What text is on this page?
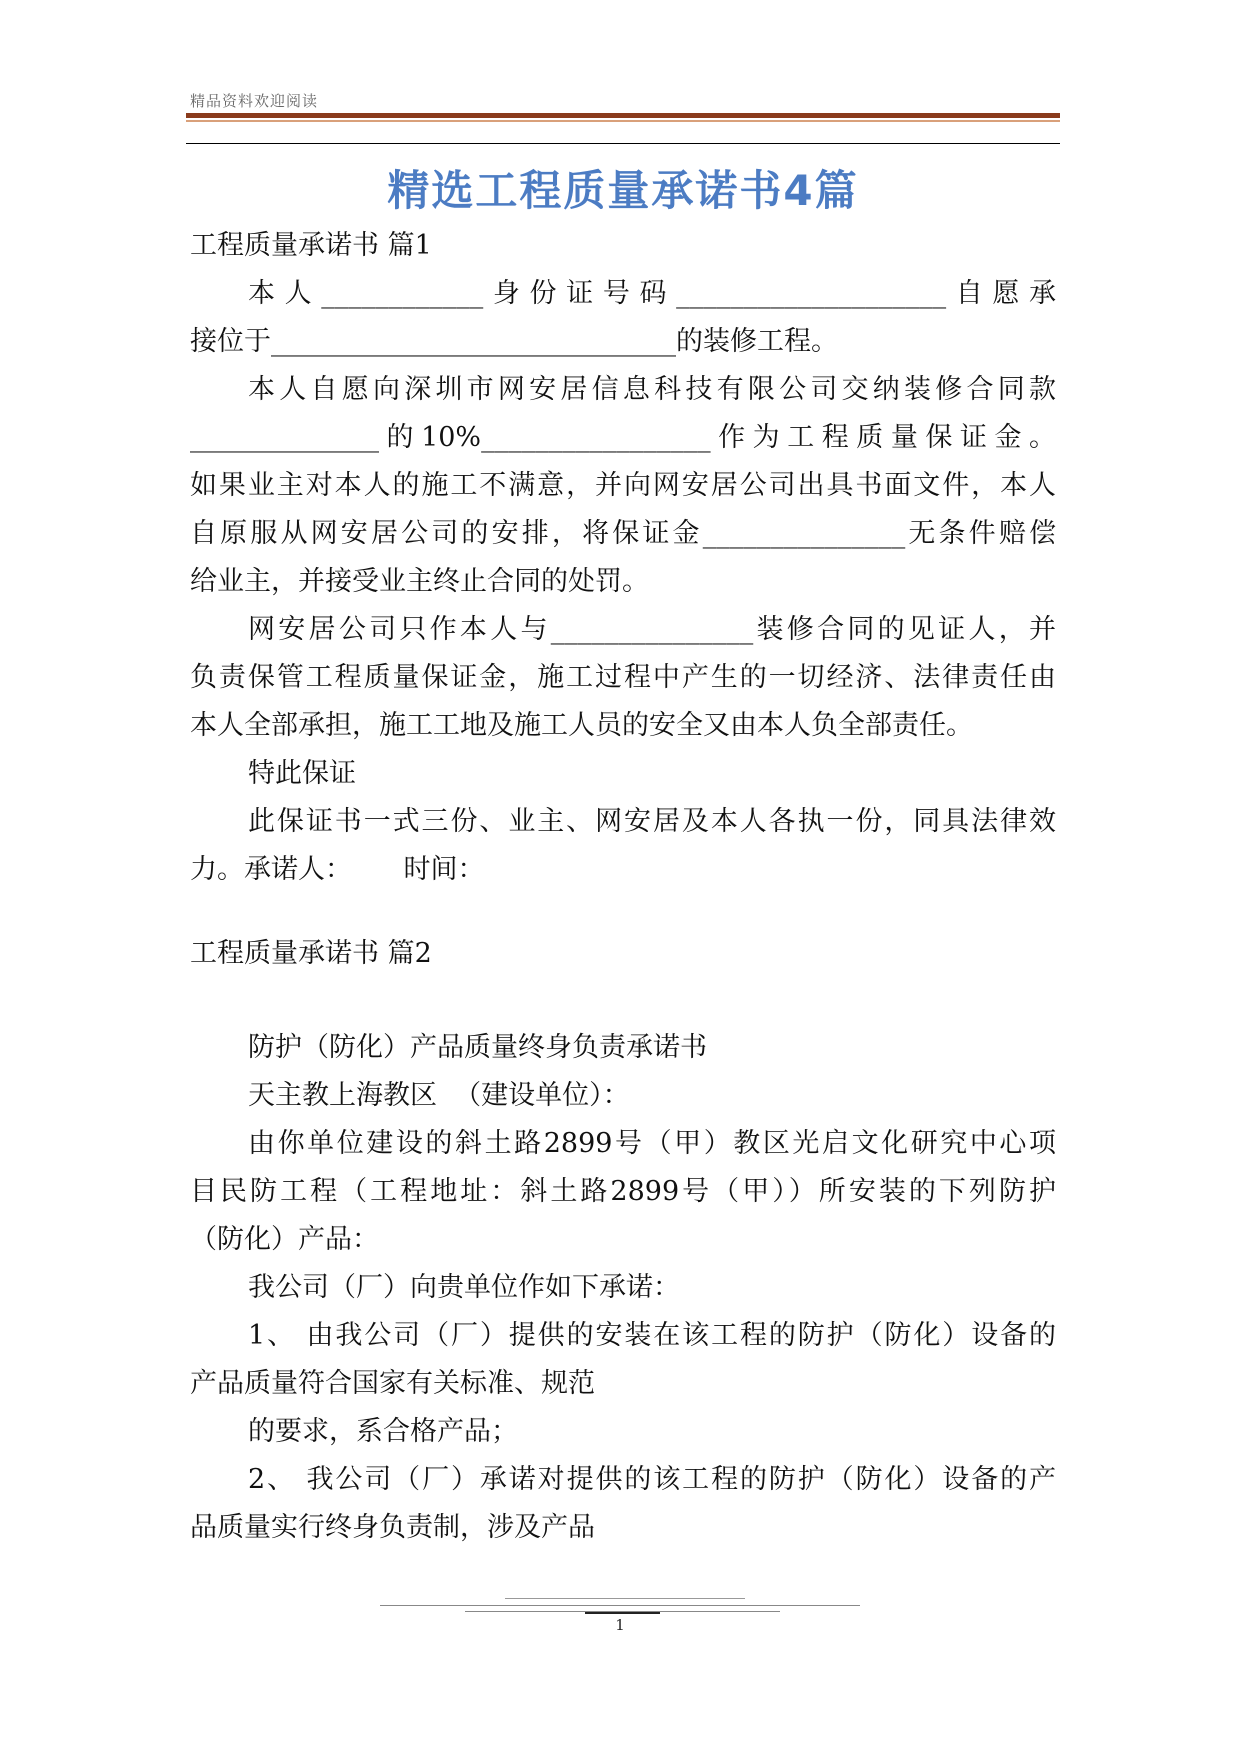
精品资料欢迎阅读
精选工程质量承诺书4篇
工程质量承诺书 篇1
本人____________身份证号码____________________自愿承
接位于______________________________的装修工程。
本人自愿向深圳市网安居信息科技有限公司交纳装修合同款
______________的10%_________________作为工程质量保证金。
如果业主对本人的施工不满意，并向网安居公司出具书面文件，本人
自原服从网安居公司的安排，将保证金_______________无条件赔偿
给业主，并接受业主终止合同的处罚。
网安居公司只作本人与_______________装修合同的见证人，并
负责保管工程质量保证金，施工过程中产生的一切经济、法律责任由
本人全部承担，施工工地及施工人员的安全又由本人负全部责任。
特此保证
此保证书一式三份、业主、网安居及本人各执一份，同具法律效
力。承诺人：      时间：
工程质量承诺书 篇2
防护（防化）产品质量终身负责承诺书
天主教上海教区  （建设单位）：
由你单位建设的斜土路2899号（甲）教区光启文化研究中心项
目民防工程（工程地址：斜土路2899号（甲））所安装的下列防护
（防化）产品：
我公司（厂）向贵单位作如下承诺：
1、 由我公司（厂）提供的安装在该工程的防护（防化）设备的
产品质量符合国家有关标准、规范
的要求，系合格产品；
2、 我公司（厂）承诺对提供的该工程的防护（防化）设备的产
品质量实行终身负责制，涉及产品
1
